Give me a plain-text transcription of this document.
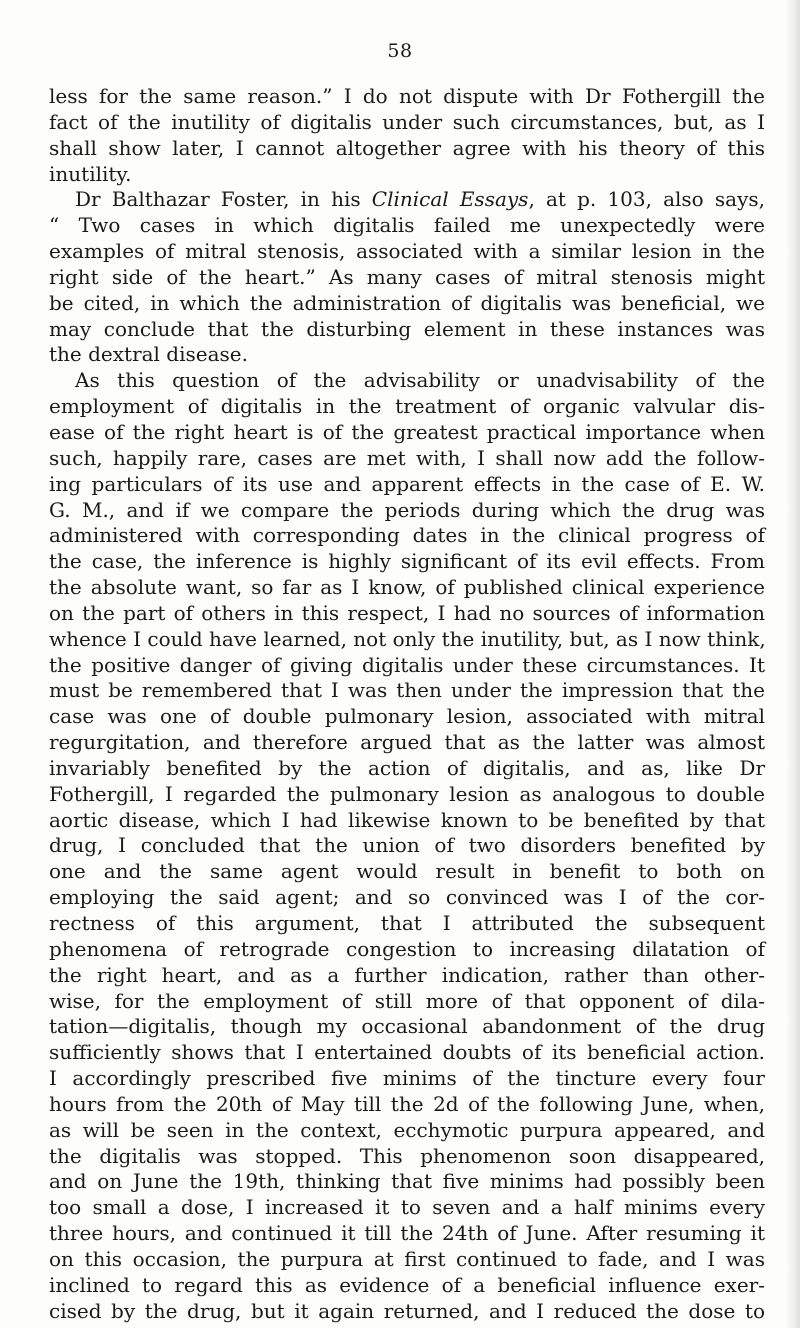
58
less for the same reason.” I do not dispute with Dr Fothergill the
fact of the inutility of digitalis under such circumstances, but, as I
shall show later, I cannot altogether agree with his theory of this
inutility.
Dr Balthazar Foster, in his Clinical Essays, at p. 103, also says,
“ Two cases in which digitalis failed me unexpectedly were
examples of mitral stenosis, associated with a similar lesion in the
right side of the heart.” As many cases of mitral stenosis might
be cited, in which the administration of digitalis was beneficial, we
may conclude that the disturbing element in these instances was
the dextral disease.
As this question of the advisability or unadvisability of the
employment of digitalis in the treatment of organic valvular dis-
ease of the right heart is of the greatest practical importance when
such, happily rare, cases are met with, I shall now add the follow-
ing particulars of its use and apparent effects in the case of E. W.
G. M., and if we compare the periods during which the drug was
administered with corresponding dates in the clinical progress of
the case, the inference is highly significant of its evil effects. From
the absolute want, so far as I know, of published clinical experience
on the part of others in this respect, I had no sources of information
whence I could have learned, not only the inutility, but, as I now think,
the positive danger of giving digitalis under these circumstances. It
must be remembered that I was then under the impression that the
case was one of double pulmonary lesion, associated with mitral
regurgitation, and therefore argued that as the latter was almost
invariably benefited by the action of digitalis, and as, like Dr
Fothergill, I regarded the pulmonary lesion as analogous to double
aortic disease, which I had likewise known to be benefited by that
drug, I concluded that the union of two disorders benefited by
one and the same agent would result in benefit to both on
employing the said agent; and so convinced was I of the cor-
rectness of this argument, that I attributed the subsequent
phenomena of retrograde congestion to increasing dilatation of
the right heart, and as a further indication, rather than other-
wise, for the employment of still more of that opponent of dila-
tation—digitalis, though my occasional abandonment of the drug
sufficiently shows that I entertained doubts of its beneficial action.
I accordingly prescribed five minims of the tincture every four
hours from the 20th of May till the 2d of the following June, when,
as will be seen in the context, ecchymotic purpura appeared, and
the digitalis was stopped. This phenomenon soon disappeared,
and on June the 19th, thinking that five minims had possibly been
too small a dose, I increased it to seven and a half minims every
three hours, and continued it till the 24th of June. After resuming it
on this occasion, the purpura at first continued to fade, and I was
inclined to regard this as evidence of a beneficial influence exer-
cised by the drug, but it again returned, and I reduced the dose to
